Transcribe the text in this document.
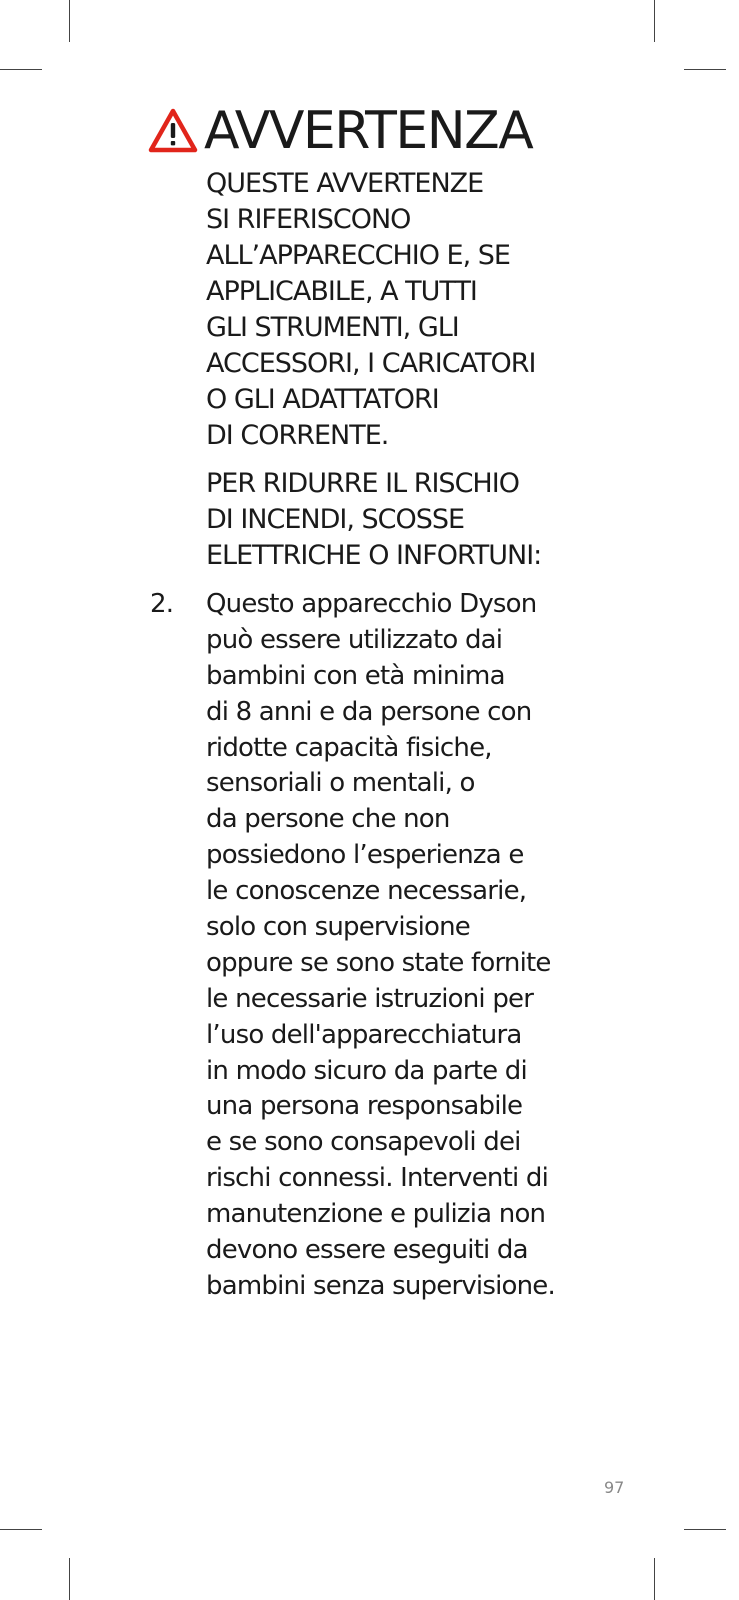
AVVERTENZA
QUESTE AVVERTENZE
SI RIFERISCONO
ALL’APPARECCHIO E, SE
APPLICABILE, A TUTTI
GLI STRUMENTI, GLI
ACCESSORI, I CARICATORI
O GLI ADATTATORI
DI CORRENTE.
PER RIDURRE IL RISCHIO
DI INCENDI, SCOSSE
ELETTRICHE O INFORTUNI:
2. Questo apparecchio Dyson
può essere utilizzato dai
bambini con età minima
di 8 anni e da persone con
ridotte capacità fisiche,
sensoriali o mentali, o
da persone che non
possiedono l’esperienza e
le conoscenze necessarie,
solo con supervisione
oppure se sono state fornite
le necessarie istruzioni per
l’uso dell'apparecchiatura
in modo sicuro da parte di
una persona responsabile
e se sono consapevoli dei
rischi connessi. Interventi di
manutenzione e pulizia non
devono essere eseguiti da
bambini senza supervisione.
97
